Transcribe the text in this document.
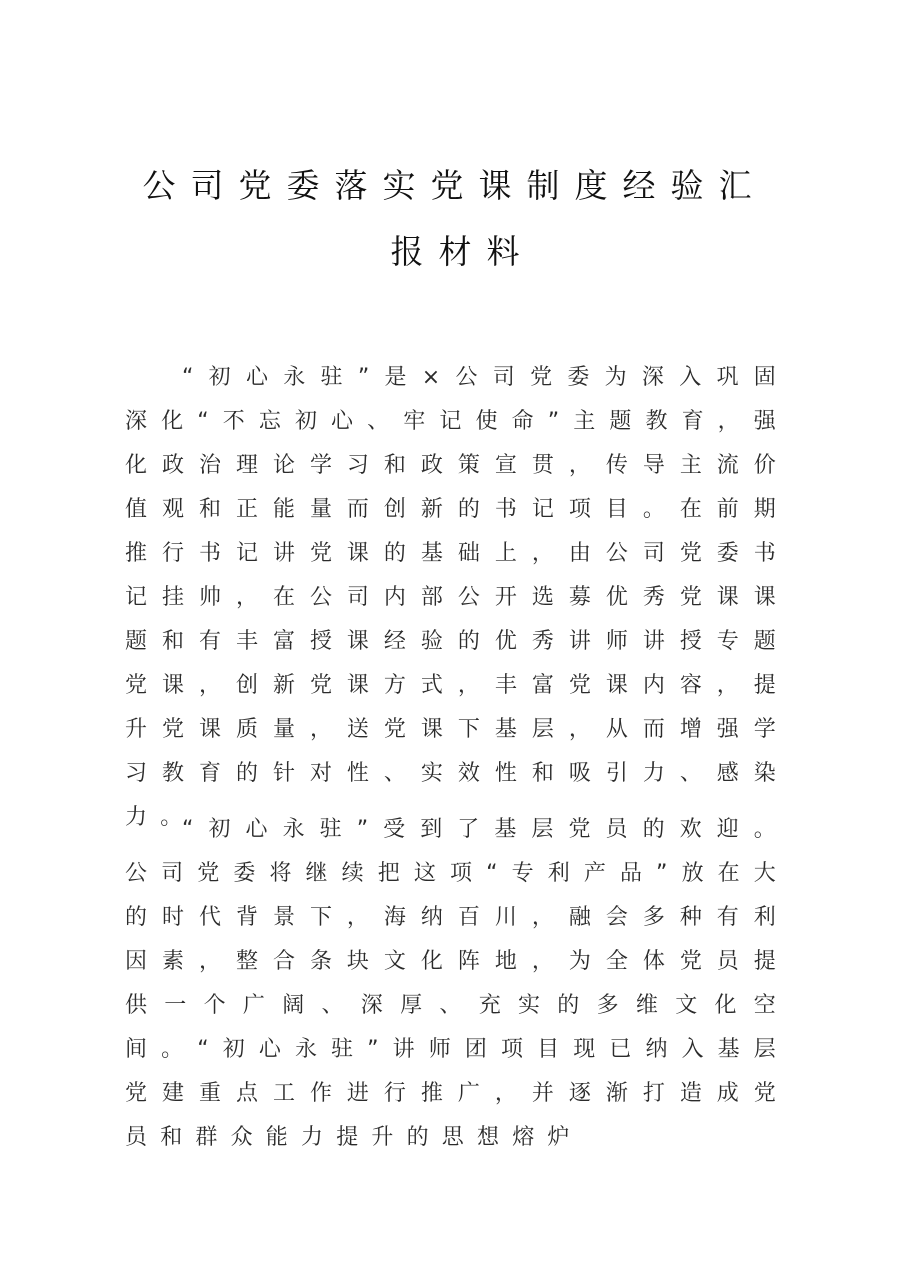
公司党委落实党课制度经验汇
报材料

“初心永驻”是×公司党委为深入巩固深化“不忘初心、牢记使命”主题教育，强化政治理论学习和政策宣贯，传导主流价值观和正能量而创新的书记项目。在前期推行书记讲党课的基础上，由公司党委书记挂帅，在公司内部公开选募优秀党课课题和有丰富授课经验的优秀讲师讲授专题党课，创新党课方式，丰富党课内容，提升党课质量，送党课下基层，从而增强学习教育的针对性、实效性和吸引力、感染力。

“初心永驻”受到了基层党员的欢迎。公司党委将继续把这项“专利产品”放在大的时代背景下，海纳百川，融会多种有利因素，整合条块文化阵地，为全体党员提供一个广阔、深厚、充实的多维文化空间。“初心永驻”讲师团项目现已纳入基层党建重点工作进行推广，并逐渐打造成党员和群众能力提升的思想熔炉
